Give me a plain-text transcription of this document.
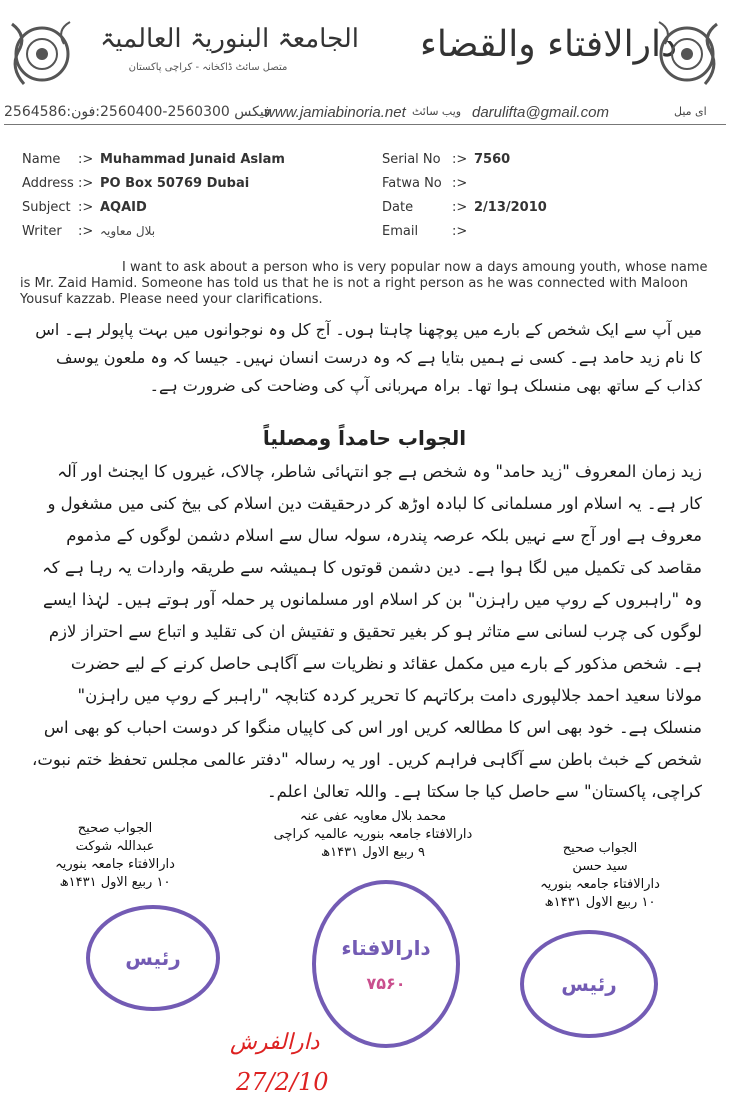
الجامعۃ البنوریۃ العالمیۃ
متصل سائٹ ڈاکخانہ - کراچی پاکستان
دارالافتاء والقضاء
2564586:	فیکس 2560300-2560400:فون	www.jamiabinoria.net ویب سائٹ darulifta@gmail.com	ای میل
Name :> Muhammad Junaid Aslam
Address :> PO Box 50769 Dubai
Subject :> AQAID
Writer :> بلال معاویہ
Serial No :> 7560
Fatwa No :>
Date	:> 2/13/2010
Email	:>
I want to ask about a person who is very popular now a days amoung youth, whose name is Mr. Zaid Hamid. Someone has told us that he is not a right person as he was connected with Maloon Yousuf kazzab. Please need your clarifications.
میں آپ سے ایک شخص کے بارے میں پوچھنا چاہتا ہوں۔ آج کل وہ نوجوانوں میں بہت پاپولر ہے۔ اس کا نام زید حامد ہے۔ کسی نے ہمیں بتایا ہے کہ وہ درست انسان نہیں۔ جیسا کہ وہ ملعون یوسف کذاب کے ساتھ بھی منسلک ہوا تھا۔ براہ مہربانی آپ کی وضاحت کی ضرورت ہے۔
الجواب حامداً ومصلیاً
زید زمان المعروف "زید حامد" وہ شخص ہے جو انتہائی شاطر، چالاک، غیروں کا ایجنٹ اور آلہ کار ہے۔ یہ اسلام اور مسلمانی کا لبادہ اوڑھ کر درحقیقت دین اسلام کی بیخ کنی میں مشغول و معروف ہے اور آج سے نہیں بلکہ عرصہ پندرہ، سولہ سال سے اسلام دشمن لوگوں کے مذموم مقاصد کی تکمیل میں لگا ہوا ہے۔ دین دشمن قوتوں کا ہمیشہ سے طریقہ واردات یہ رہا ہے کہ وہ "راہبروں کے روپ میں راہزن" بن کر اسلام اور مسلمانوں پر حملہ آور ہوتے ہیں۔ لہٰذا ایسے لوگوں کی چرب لسانی سے متاثر ہو کر بغیر تحقیق و تفتیش ان کی تقلید و اتباع سے احتراز لازم ہے۔ شخص مذکور کے بارے میں مکمل عقائد و نظریات سے آگاہی حاصل کرنے کے لیے حضرت مولانا سعید احمد جلالپوری دامت برکاتہم کا تحریر کردہ کتابچہ "راہبر کے روپ میں راہزن" منسلک ہے۔ خود بھی اس کا مطالعہ کریں اور اس کی کاپیاں منگوا کر دوست احباب کو بھی اس شخص کے خبث باطن سے آگاہی فراہم کریں۔ اور یہ رسالہ "دفتر عالمی مجلس تحفظ ختم نبوت، کراچی، پاکستان" سے حاصل کیا جا سکتا ہے۔ واللہ تعالیٰ اعلم۔
الجواب صحیح
عبداللہ شوکت
دارالافتاء جامعہ بنوریہ
۱۰ ربیع الاول ۱۴۳۱ھ
محمد بلال معاویہ عفی عنہ
دارالافتاء جامعہ بنوریہ عالمیہ کراچی
۹ ربیع الاول ۱۴۳۱ھ	الجواب صحیح
سید حسن
دارالافتاء جامعہ بنوریہ
۱۰ ربیع الاول ۱۴۳۱ھ
رئیس	دارالافتاء
۷۵۶۰	رئیس
دارالفرش
27/2/10
